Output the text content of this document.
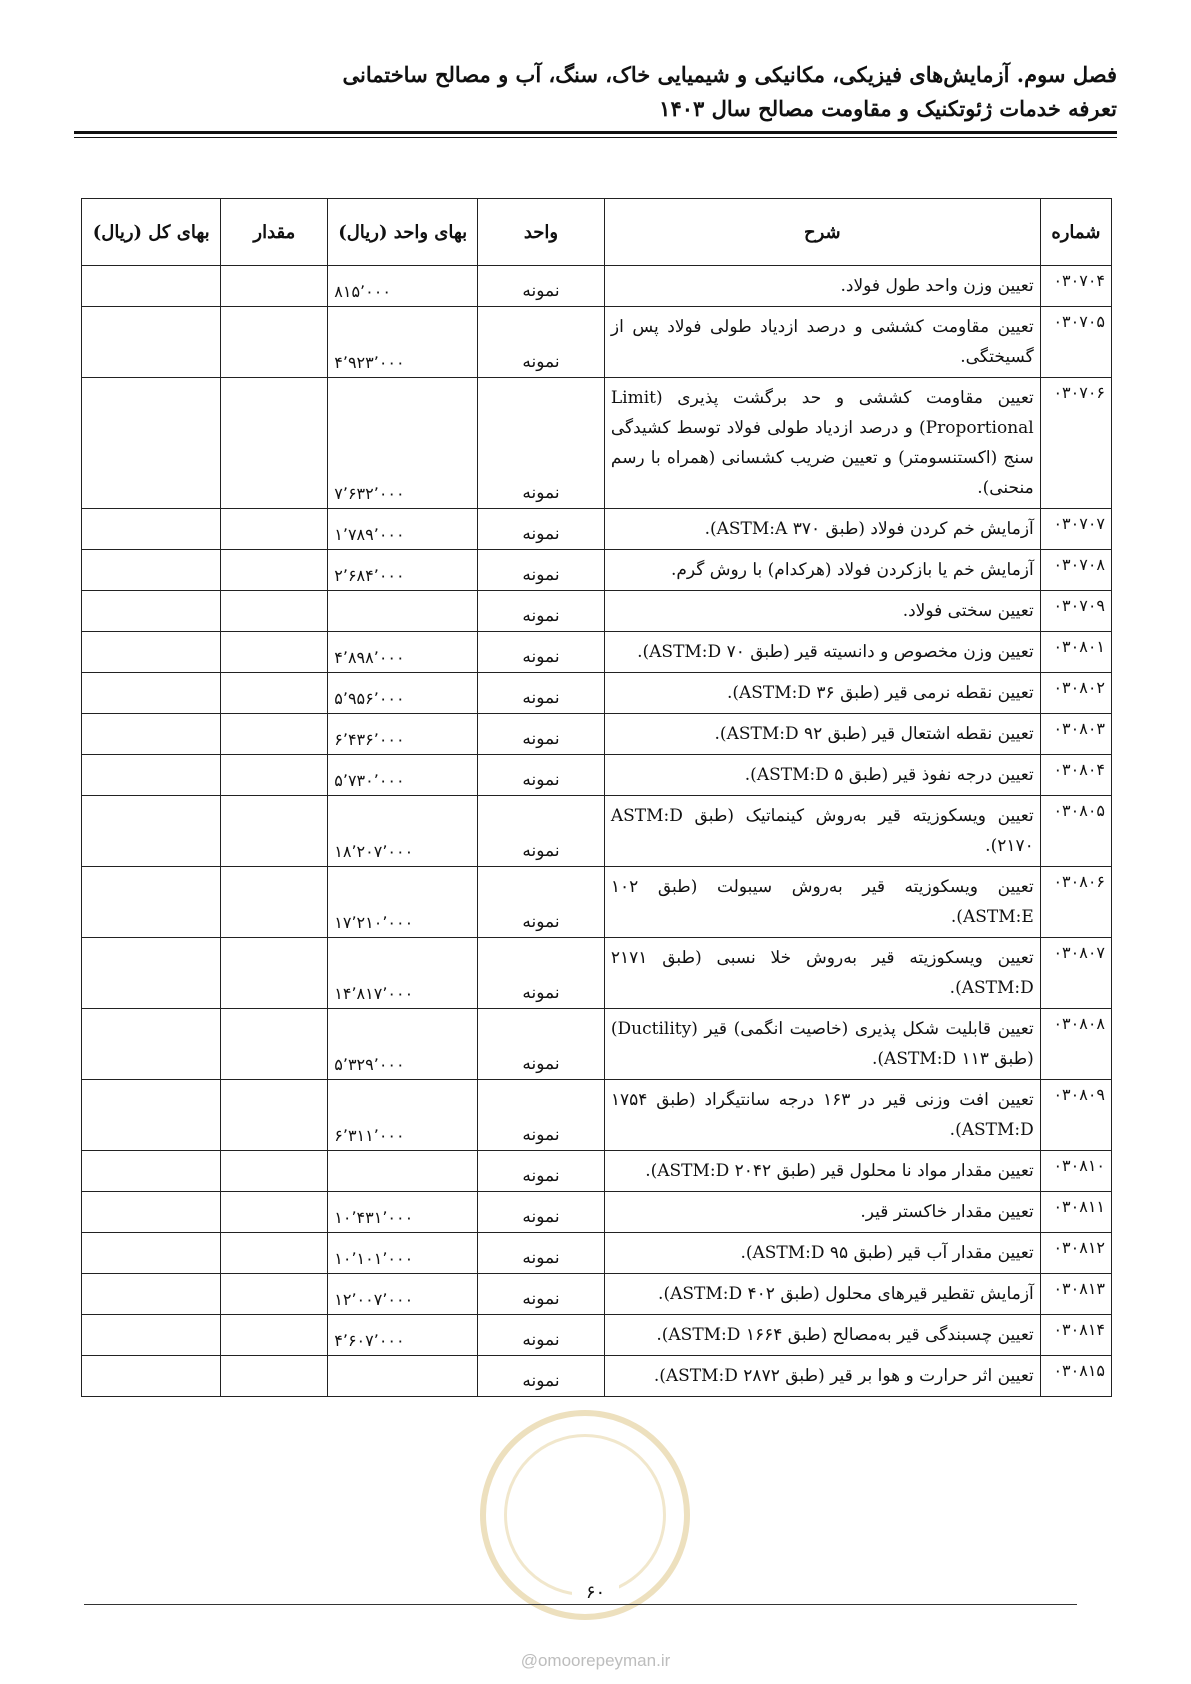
فصل سوم. آزمایش‌های فیزیکی، مکانیکی و شیمیایی خاک، سنگ، آب و مصالح ساختمانی
تعرفه خدمات ژئوتکنیک و مقاومت مصالح سال ۱۴۰۳
شماره	شرح	واحد	بهای واحد (ریال)	مقدار	بهای کل (ریال)
۰۳۰۷۰۴	تعیین وزن واحد طول فولاد.	نمونه	۸۱۵٬۰۰۰		
۰۳۰۷۰۵	تعیین مقاومت کششی و درصد ازدیاد طولی فولاد پس از گسیختگی.	نمونه	۴٬۹۲۳٬۰۰۰		
۰۳۰۷۰۶	تعیین مقاومت کششی و حد برگشت پذیری (Limit Proportional) و درصد ازدیاد طولی فولاد توسط کشیدگی سنج (اکستنسومتر) و تعیین ضریب کشسانی (همراه با رسم منحنی).	نمونه	۷٬۶۳۲٬۰۰۰		
۰۳۰۷۰۷	آزمایش خم کردن فولاد (طبق ASTM:A ۳۷۰).	نمونه	۱٬۷۸۹٬۰۰۰		
۰۳۰۷۰۸	آزمایش خم یا بازکردن فولاد (هرکدام) با روش گرم.	نمونه	۲٬۶۸۴٬۰۰۰		
۰۳۰۷۰۹	تعیین سختی فولاد.	نمونه			
۰۳۰۸۰۱	تعیین وزن مخصوص و دانسیته قیر (طبق ASTM:D ۷۰).	نمونه	۴٬۸۹۸٬۰۰۰		
۰۳۰۸۰۲	تعیین نقطه نرمی قیر (طبق ASTM:D ۳۶).	نمونه	۵٬۹۵۶٬۰۰۰		
۰۳۰۸۰۳	تعیین نقطه اشتعال قیر (طبق ASTM:D ۹۲).	نمونه	۶٬۴۳۶٬۰۰۰		
۰۳۰۸۰۴	تعیین درجه نفوذ قیر (طبق ASTM:D ۵).	نمونه	۵٬۷۳۰٬۰۰۰		
۰۳۰۸۰۵	تعیین ویسکوزیته قیر به‌روش کینماتیک (طبق ASTM:D ۲۱۷۰).	نمونه	۱۸٬۲۰۷٬۰۰۰		
۰۳۰۸۰۶	تعیین ویسکوزیته قیر به‌روش سیبولت (طبق ۱۰۲ ASTM:E).	نمونه	۱۷٬۲۱۰٬۰۰۰		
۰۳۰۸۰۷	تعیین ویسکوزیته قیر به‌روش خلا نسبی (طبق ۲۱۷۱ ASTM:D).	نمونه	۱۴٬۸۱۷٬۰۰۰		
۰۳۰۸۰۸	تعیین قابلیت شکل پذیری (خاصیت انگمی) قیر (Ductility) (طبق ASTM:D ۱۱۳).	نمونه	۵٬۳۲۹٬۰۰۰		
۰۳۰۸۰۹	تعیین افت وزنی قیر در ۱۶۳ درجه سانتیگراد (طبق ۱۷۵۴ ASTM:D).	نمونه	۶٬۳۱۱٬۰۰۰		
۰۳۰۸۱۰	تعیین مقدار مواد نا محلول قیر (طبق ASTM:D ۲۰۴۲).	نمونه			
۰۳۰۸۱۱	تعیین مقدار خاکستر قیر.	نمونه	۱۰٬۴۳۱٬۰۰۰		
۰۳۰۸۱۲	تعیین مقدار آب قیر (طبق ASTM:D ۹۵).	نمونه	۱۰٬۱۰۱٬۰۰۰		
۰۳۰۸۱۳	آزمایش تقطیر قیرهای محلول (طبق ASTM:D ۴۰۲).	نمونه	۱۲٬۰۰۷٬۰۰۰		
۰۳۰۸۱۴	تعیین چسبندگی قیر به‌مصالح (طبق ASTM:D ۱۶۶۴).	نمونه	۴٬۶۰۷٬۰۰۰		
۰۳۰۸۱۵	تعیین اثر حرارت و هوا بر قیر (طبق ASTM:D ۲۸۷۲).	نمونه			
۶۰
@omoorepeyman.ir
